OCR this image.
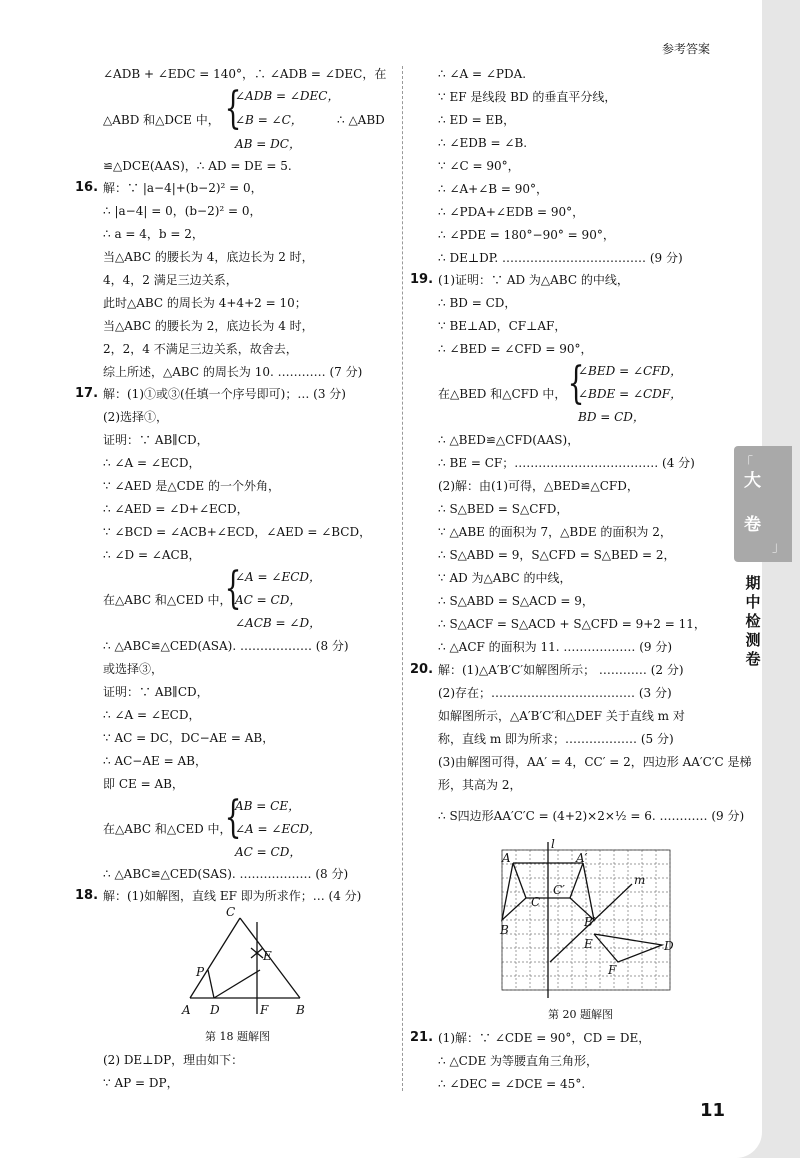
参考答案
∠ADB + ∠EDC = 140°，∴ ∠ADB = ∠DEC，在
△ABD 和△DCE 中， {
∠ADB = ∠DEC，
∠B = ∠C，
AB = DC，
∴ △ABD
≌△DCE(AAS)，∴ AD = DE = 5.
16. 解：∵ |a−4|+(b−2)² = 0，
∴ |a−4| = 0，(b−2)² = 0，
∴ a = 4，b = 2，
当△ABC 的腰长为 4，底边长为 2 时，
4，4，2 满足三边关系，
此时△ABC 的周长为 4+4+2 = 10；
当△ABC 的腰长为 2，底边长为 4 时，
2，2，4 不满足三边关系，故舍去，
综上所述，△ABC 的周长为 10. ………… (7 分)
17. 解：(1)①或③(任填一个序号即可)；… (3 分)
(2)选择①，
证明：∵ AB∥CD，
∴ ∠A = ∠ECD，
∵ ∠AED 是△CDE 的一个外角，
∴ ∠AED = ∠D+∠ECD，
∵ ∠BCD = ∠ACB+∠ECD，∠AED = ∠BCD，
∴ ∠D = ∠ACB，
在△ABC 和△CED 中，
{
∠A = ∠ECD，
AC = CD，
∠ACB = ∠D，
∴ △ABC≌△CED(ASA). ……………… (8 分)
或选择③，
证明：∵ AB∥CD，
∴ ∠A = ∠ECD，
∵ AC = DC，DC−AE = AB，
∴ AC−AE = AB，
即 CE = AB，
在△ABC 和△CED 中，
{
AB = CE，
∠A = ∠ECD，
AC = CD，
∴ △ABC≌△CED(SAS). ……………… (8 分)
18. 解：(1)如解图，直线 EF 即为所求作；… (4 分)
C
E
P
A D	F B
第 18 题解图
(2) DE⊥DP，理由如下：
∵ AP = DP，
∴ ∠A = ∠PDA.
∵ EF 是线段 BD 的垂直平分线，
∴ ED = EB，
∴ ∠EDB = ∠B.
∵ ∠C = 90°，
∴ ∠A+∠B = 90°，
∴ ∠PDA+∠EDB = 90°，
∴ ∠PDE = 180°−90° = 90°，
∴ DE⊥DP. ……………………………… (9 分)
19. (1)证明：∵ AD 为△ABC 的中线，
∴ BD = CD，
∵ BE⊥AD，CF⊥AF，
∴ ∠BED = ∠CFD = 90°，
在△BED 和△CFD 中， {
∠BED = ∠CFD，
∠BDE = ∠CDF，
BD = CD，
∴ △BED≌△CFD(AAS)，
∴ BE = CF；……………………………… (4 分)
(2)解：由(1)可得，△BED≌△CFD，
∴ S△BED = S△CFD，
∵ △ABE 的面积为 7，△BDE 的面积为 2，
∴ S△ABD = 9，S△CFD = S△BED = 2，
∵ AD 为△ABC 的中线，
∴ S△ABD = S△ACD = 9，
∴ S△ACF = S△ACD + S△CFD = 9+2 = 11，
∴ △ACF 的面积为 11. ……………… (9 分)
20. 解：(1)△A′B′C′如解图所示； ………… (2 分)
(2)存在；……………………………… (3 分)
如解图所示，△A′B′C′和△DEF 关于直线 m 对
称，直线 m 即为所求；……………… (5 分)
(3)由解图可得，AA′ = 4，CC′ = 2，四边形 AA′C′C 是梯
形，其高为 2，
∴ S四边形AA′C′C = (4+2)×2×½ = 6. ………… (9 分)
l
m
A	A′
C
C′
B
B′
E	D
F
第 20 题解图
21. (1)解：∵ ∠CDE = 90°，CD = DE，
∴ △CDE 为等腰直角三角形，
∴ ∠DEC = ∠DCE = 45°.
「
大
卷
」
期中检测卷
11
